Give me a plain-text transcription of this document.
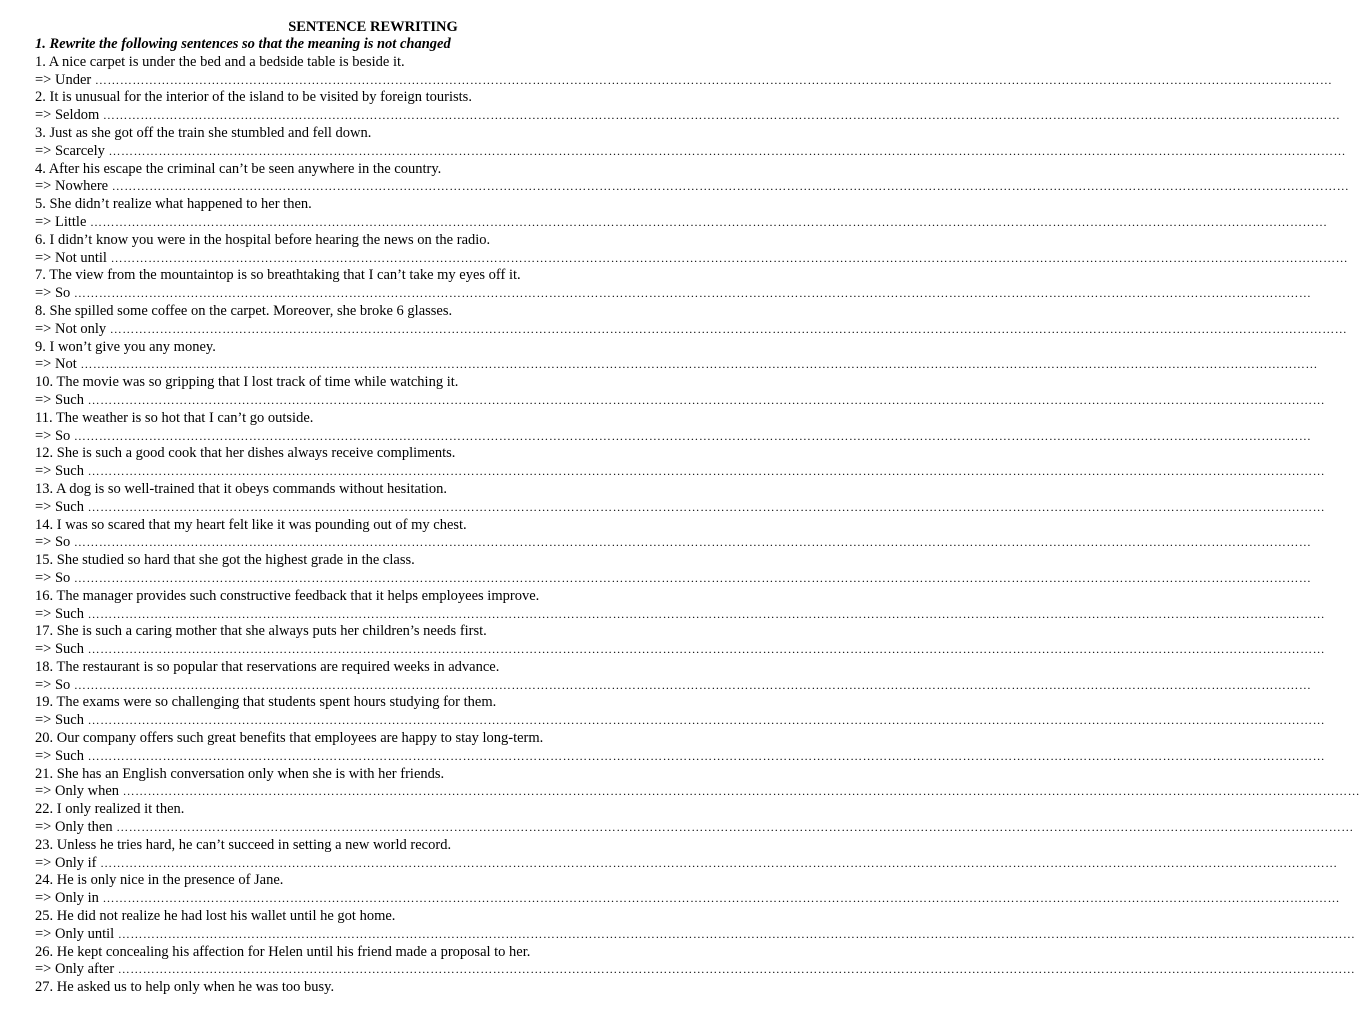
SENTENCE REWRITING
1. Rewrite the following sentences so that the meaning is not changed
1. A nice carpet is under the bed and a bedside table is beside it.
=> Under ………………………………………………………………………………………………………………………………………………………………………………………………………………………………………………………………………
2. It is unusual for the interior of the island to be visited by foreign tourists.
=> Seldom ………………………………………………………………………………………………………………………………………………………………………………………………………………………………………………………………………
3. Just as she got off the train she stumbled and fell down.
=> Scarcely ………………………………………………………………………………………………………………………………………………………………………………………………………………………………………………………………………
4. After his escape the criminal can’t be seen anywhere in the country.
=> Nowhere ………………………………………………………………………………………………………………………………………………………………………………………………………………………………………………………………………
5. She didn’t realize what happened to her then.
=> Little ………………………………………………………………………………………………………………………………………………………………………………………………………………………………………………………………………
6. I didn’t know you were in the hospital before hearing the news on the radio.
=> Not until ………………………………………………………………………………………………………………………………………………………………………………………………………………………………………………………………………
7. The view from the mountaintop is so breathtaking that I can’t take my eyes off it.
=> So ………………………………………………………………………………………………………………………………………………………………………………………………………………………………………………………………………
8. She spilled some coffee on the carpet. Moreover, she broke 6 glasses.
=> Not only ………………………………………………………………………………………………………………………………………………………………………………………………………………………………………………………………………
9. I won’t give you any money.
=> Not ………………………………………………………………………………………………………………………………………………………………………………………………………………………………………………………………………
10. The movie was so gripping that I lost track of time while watching it.
=> Such ………………………………………………………………………………………………………………………………………………………………………………………………………………………………………………………………………
11. The weather is so hot that I can’t go outside.
=> So ………………………………………………………………………………………………………………………………………………………………………………………………………………………………………………………………………
12. She is such a good cook that her dishes always receive compliments.
=> Such ………………………………………………………………………………………………………………………………………………………………………………………………………………………………………………………………………
13. A dog is so well-trained that it obeys commands without hesitation.
=> Such ………………………………………………………………………………………………………………………………………………………………………………………………………………………………………………………………………
14. I was so scared that my heart felt like it was pounding out of my chest.
=> So ………………………………………………………………………………………………………………………………………………………………………………………………………………………………………………………………………
15. She studied so hard that she got the highest grade in the class.
=> So ………………………………………………………………………………………………………………………………………………………………………………………………………………………………………………………………………
16. The manager provides such constructive feedback that it helps employees improve.
=> Such ………………………………………………………………………………………………………………………………………………………………………………………………………………………………………………………………………
17. She is such a caring mother that she always puts her children’s needs first.
=> Such ………………………………………………………………………………………………………………………………………………………………………………………………………………………………………………………………………
18. The restaurant is so popular that reservations are required weeks in advance.
=> So ………………………………………………………………………………………………………………………………………………………………………………………………………………………………………………………………………
19. The exams were so challenging that students spent hours studying for them.
=> Such ………………………………………………………………………………………………………………………………………………………………………………………………………………………………………………………………………
20. Our company offers such great benefits that employees are happy to stay long-term.
=> Such ………………………………………………………………………………………………………………………………………………………………………………………………………………………………………………………………………
21. She has an English conversation only when she is with her friends.
=> Only when ………………………………………………………………………………………………………………………………………………………………………………………………………………………………………………………………………
22. I only realized it then.
=> Only then ………………………………………………………………………………………………………………………………………………………………………………………………………………………………………………………………………
23. Unless he tries hard, he can’t succeed in setting a new world record.
=> Only if ………………………………………………………………………………………………………………………………………………………………………………………………………………………………………………………………………
24. He is only nice in the presence of Jane.
=> Only in ………………………………………………………………………………………………………………………………………………………………………………………………………………………………………………………………………
25. He did not realize he had lost his wallet until he got home.
=> Only until ………………………………………………………………………………………………………………………………………………………………………………………………………………………………………………………………………
26. He kept concealing his affection for Helen until his friend made a proposal to her.
=> Only after ………………………………………………………………………………………………………………………………………………………………………………………………………………………………………………………………………
27. He asked us to help only when he was too busy.
